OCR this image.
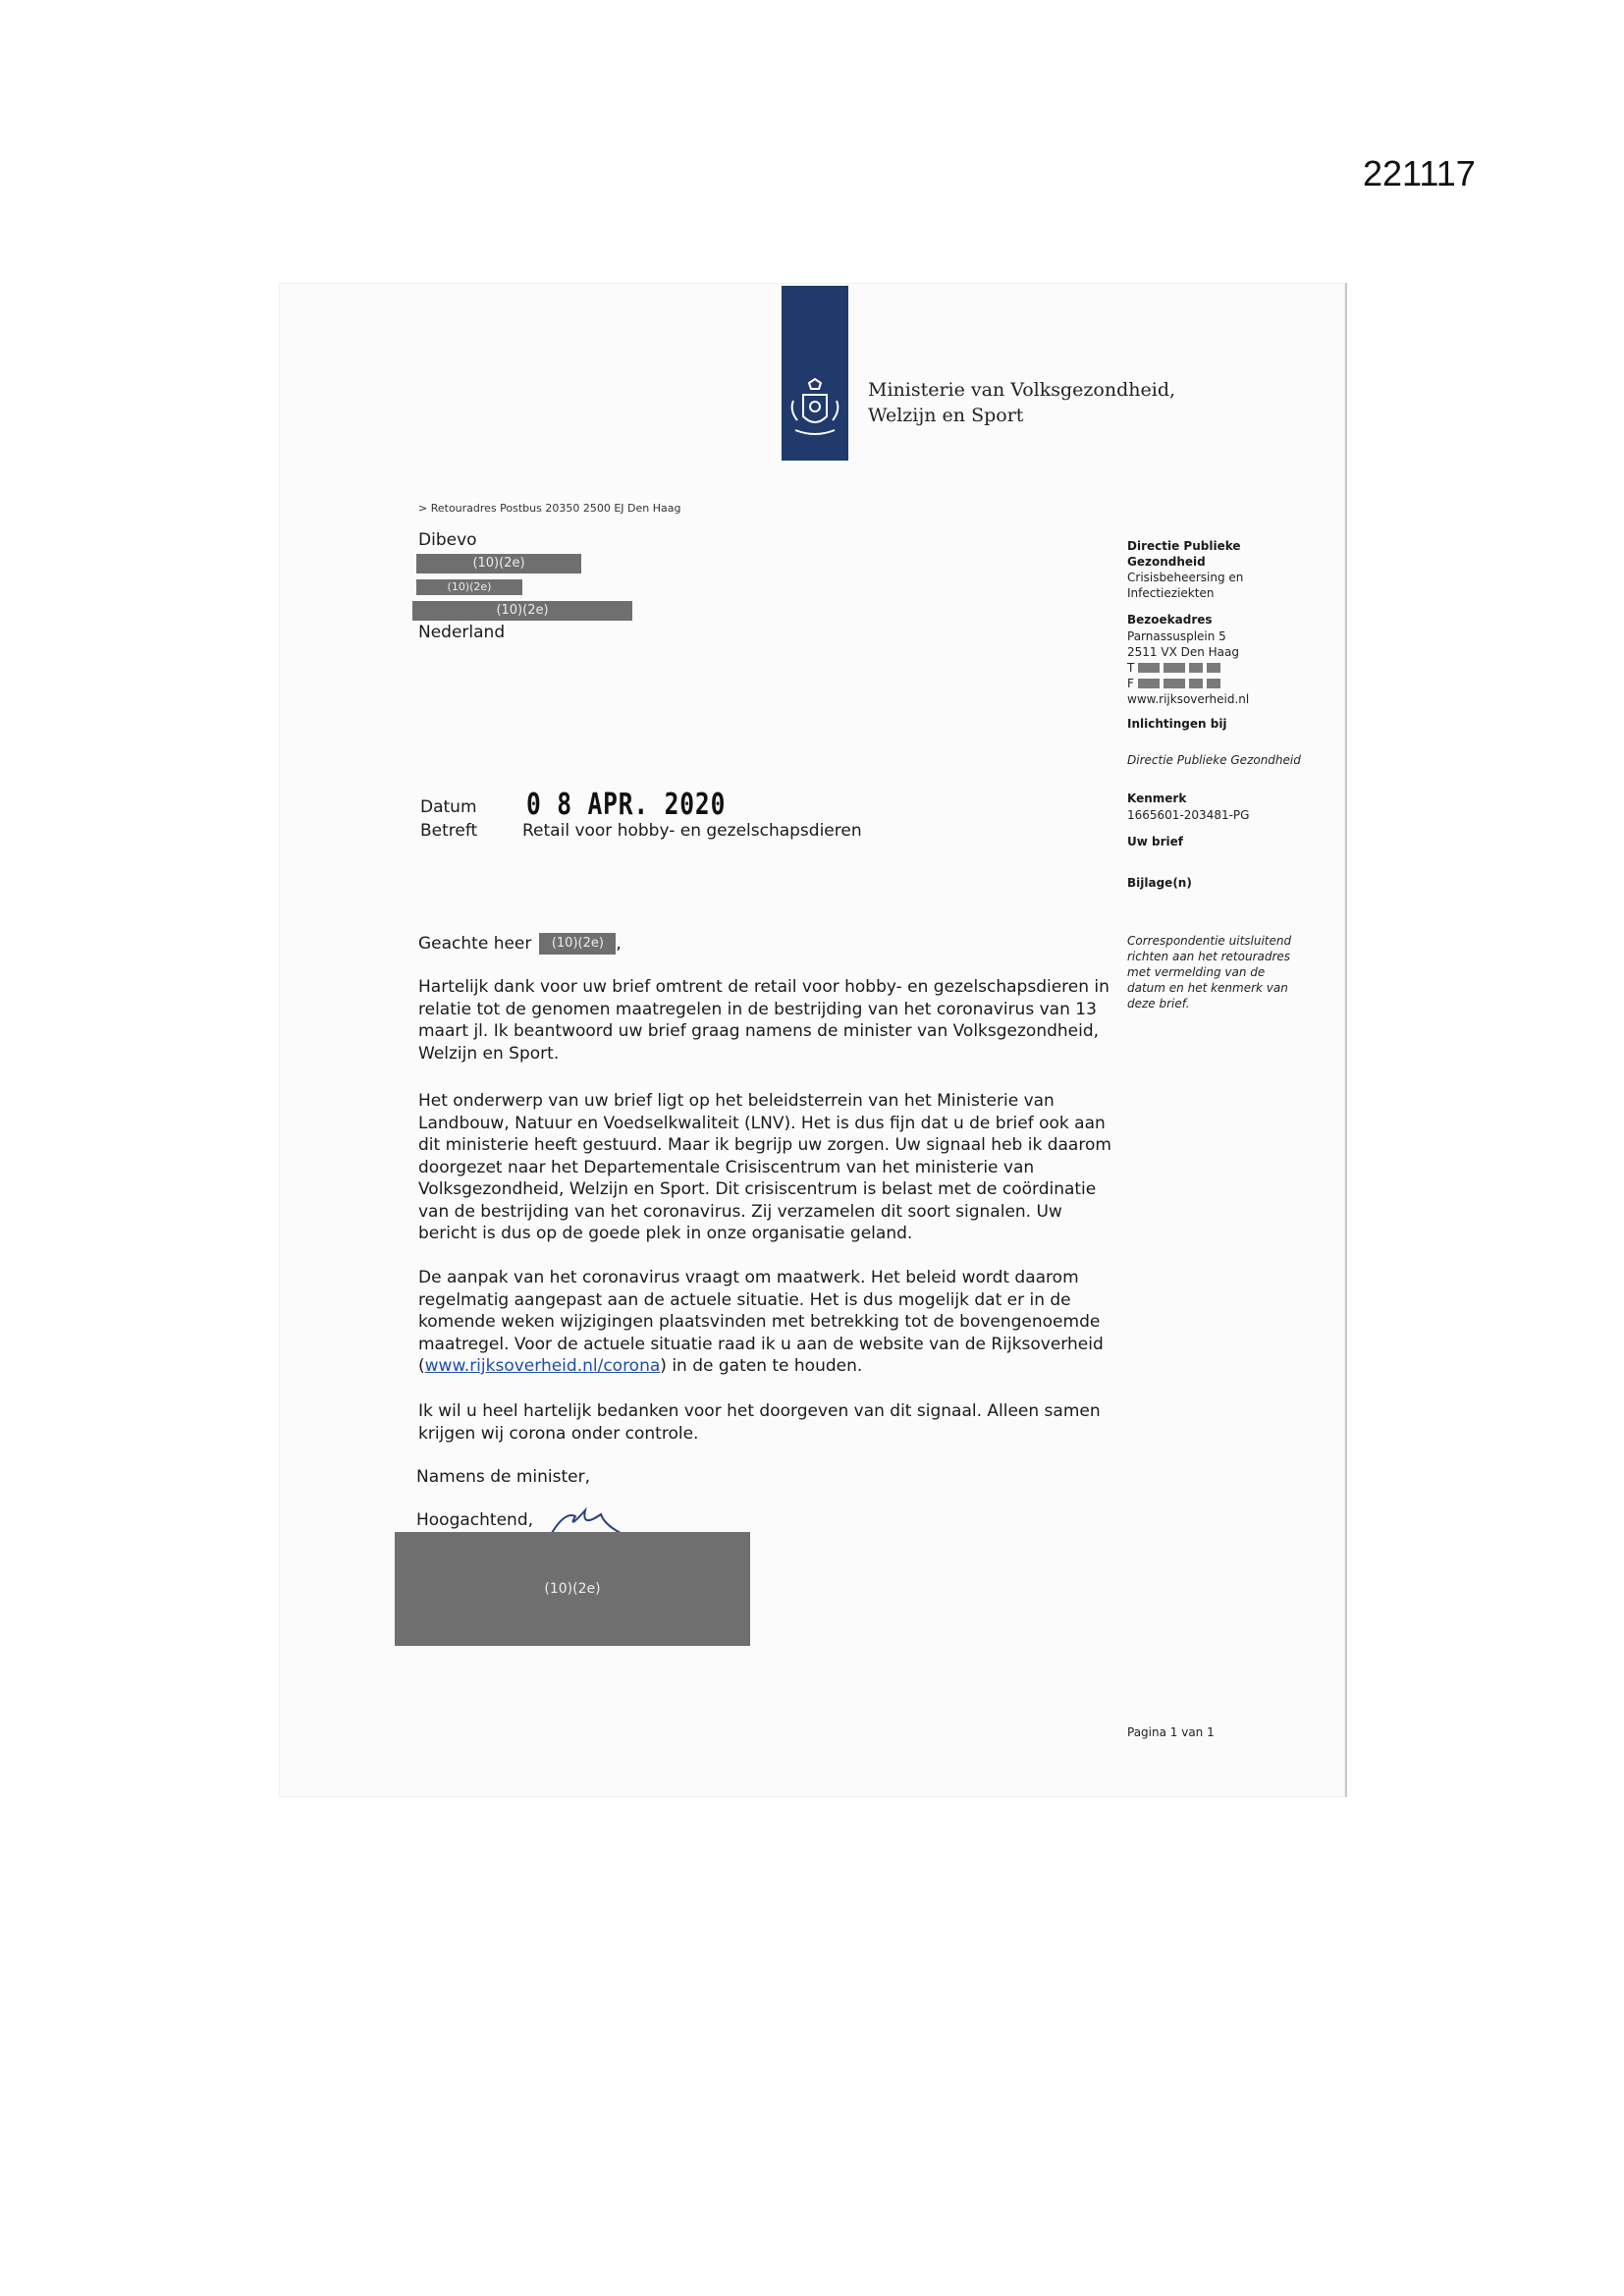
221117
Ministerie van Volksgezondheid,
Welzijn en Sport
> Retouradres Postbus 20350 2500 EJ Den Haag
Dibevo
(10)(2e)
(10)(2e)
(10)(2e)
Nederland
Directie Publieke Gezondheid
Crisisbeheersing en
Infectieziekten
Bezoekadres
Parnassusplein 5
2511 VX Den Haag
T
F
www.rijksoverheid.nl
Inlichtingen bij
Directie Publieke Gezondheid
Kenmerk
1665601-203481-PG
Uw brief
Bijlage(n)
Correspondentie uitsluitend richten aan het retouradres met vermelding van de datum en het kenmerk van deze brief.
Pagina 1 van 1
Datum 0 8 APR. 2020
Betreft	Retail voor hobby- en gezelschapsdieren
Geachte heer	(10)(2e) ,

Hartelijk dank voor uw brief omtrent de retail voor hobby- en gezelschapsdieren in relatie tot de genomen maatregelen in de bestrijding van het coronavirus van 13 maart jl. Ik beantwoord uw brief graag namens de minister van Volksgezondheid, Welzijn en Sport.

Het onderwerp van uw brief ligt op het beleidsterrein van het Ministerie van Landbouw, Natuur en Voedselkwaliteit (LNV). Het is dus fijn dat u de brief ook aan dit ministerie heeft gestuurd. Maar ik begrijp uw zorgen. Uw signaal heb ik daarom doorgezet naar het Departementale Crisiscentrum van het ministerie van Volksgezondheid, Welzijn en Sport. Dit crisiscentrum is belast met de coördinatie van de bestrijding van het coronavirus. Zij verzamelen dit soort signalen. Uw bericht is dus op de goede plek in onze organisatie geland.

De aanpak van het coronavirus vraagt om maatwerk. Het beleid wordt daarom regelmatig aangepast aan de actuele situatie. Het is dus mogelijk dat er in de komende weken wijzigingen plaatsvinden met betrekking tot de bovengenoemde maatregel. Voor de actuele situatie raad ik u aan de website van de Rijksoverheid (www.rijksoverheid.nl/corona) in de gaten te houden.

Ik wil u heel hartelijk bedanken voor het doorgeven van dit signaal. Alleen samen krijgen wij corona onder controle.

Namens de minister,
Hoogachtend,
(10)(2e)
